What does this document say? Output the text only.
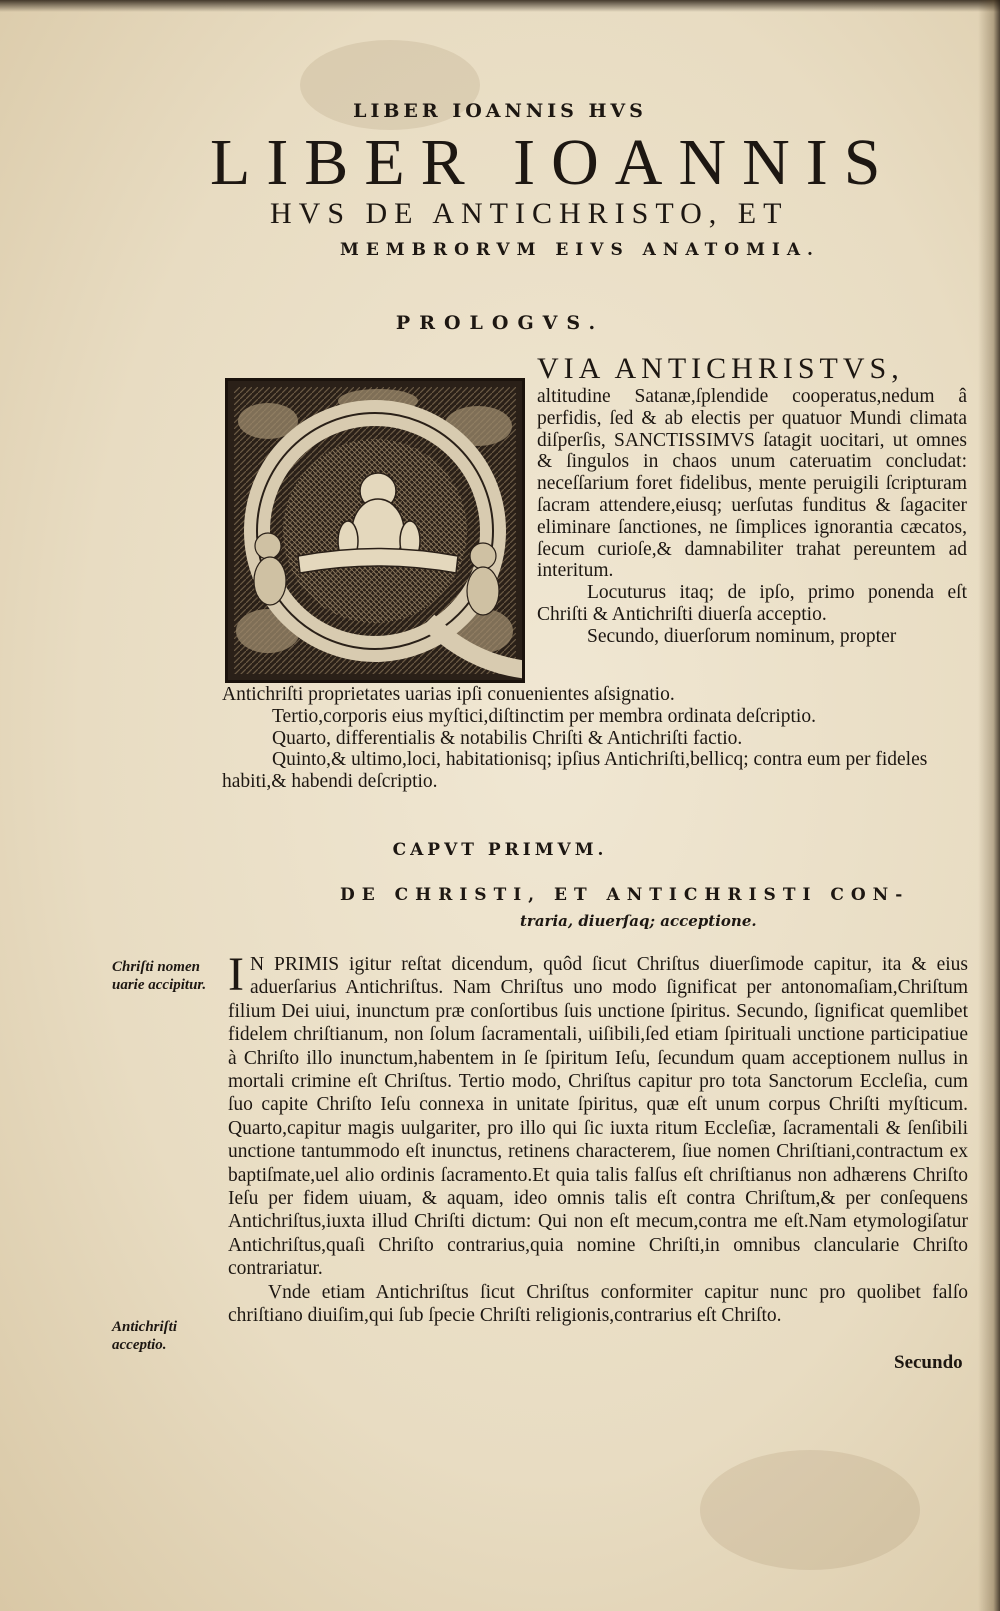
LIBER IOANNIS HVS
LIBER IOANNIS
HVS DE ANTICHRISTO, ET
MEMBRORVM EIVS ANATOMIA.
PROLOGVS.
VIA ANTICHRISTVS,

altitudine Satanæ,ſplendide cooperatus,nedum â perfidis, ſed & ab electis per quatuor Mundi climata diſperſis, SANCTISSIMVS ſatagit uocitari, ut omnes & ſingulos in chaos unum cateruatim concludat: neceſſarium foret fidelibus, mente peruigili ſcripturam ſacram attendere,eiusq; uerſutas funditus & ſagaciter eliminare ſanctiones, ne ſimplices ignorantia cæcatos, ſecum curioſe,& damnabiliter trahat pereuntem ad interitum.

Locuturus itaq; de ipſo, primo ponenda eſt Chriſti & Antichriſti diuerſa acceptio.

Secundo, diuerſorum nominum, propter

Antichriſti proprietates uarias ipſi conuenientes aſsignatio.

Tertio,corporis eius myſtici,diſtinctim per membra ordinata deſcriptio.

Quarto, differentialis & notabilis Chriſti & Antichriſti factio.

Quinto,& ultimo,loci, habitationisq; ipſius Antichriſti,bellicq; contra eum per fideles habiti,& habendi deſcriptio.

CAPVT PRIMVM.
DE CHRISTI, ET ANTICHRISTI CON-
traria, diuerſaq; acceptione.
Chriſti nomen uarie accipitur.
Antichriſti acceptio.

I N PRIMIS igitur reſtat dicendum, quôd ſicut Chriſtus diuerſimode capitur, ita & eius aduerſarius Antichriſtus. Nam Chriſtus uno modo ſignificat per antonomaſiam,Chriſtum filium Dei uiui, inunctum præ conſortibus ſuis unctione ſpiritus. Secundo, ſignificat quemlibet fidelem chriſtianum, non ſolum ſacramentali, uiſibili,ſed etiam ſpirituali unctione participatiue à Chriſto illo inunctum,habentem in ſe ſpiritum Ieſu, ſecundum quam acceptionem nullus in mortali crimine eſt Chriſtus. Tertio modo, Chriſtus capitur pro tota Sanctorum Eccleſia, cum ſuo capite Chriſto Ieſu connexa in unitate ſpiritus, quæ eſt unum corpus Chriſti myſticum. Quarto,capitur magis uulgariter, pro illo qui ſic iuxta ritum Eccleſiæ, ſacramentali & ſenſibili unctione tantummodo eſt inunctus, retinens characterem, ſiue nomen Chriſtiani,contractum ex baptiſmate,uel alio ordinis ſacramento.Et quia talis falſus eſt chriſtianus non adhærens Chriſto Ieſu per fidem uiuam, & aquam, ideo omnis talis eſt contra Chriſtum,& per conſequens Antichriſtus,iuxta illud Chriſti dictum: Qui non eſt mecum,contra me eſt.Nam etymologiſatur Antichriſtus,quaſi Chriſto contrarius,quia nomine Chriſti,in omnibus clancularie Chriſto contrariatur.

Vnde etiam Antichriſtus ſicut Chriſtus conformiter capitur nunc pro quolibet falſo chriſtiano diuiſim,qui ſub ſpecie Chriſti religionis,contrarius eſt Chriſto.

Secundo
